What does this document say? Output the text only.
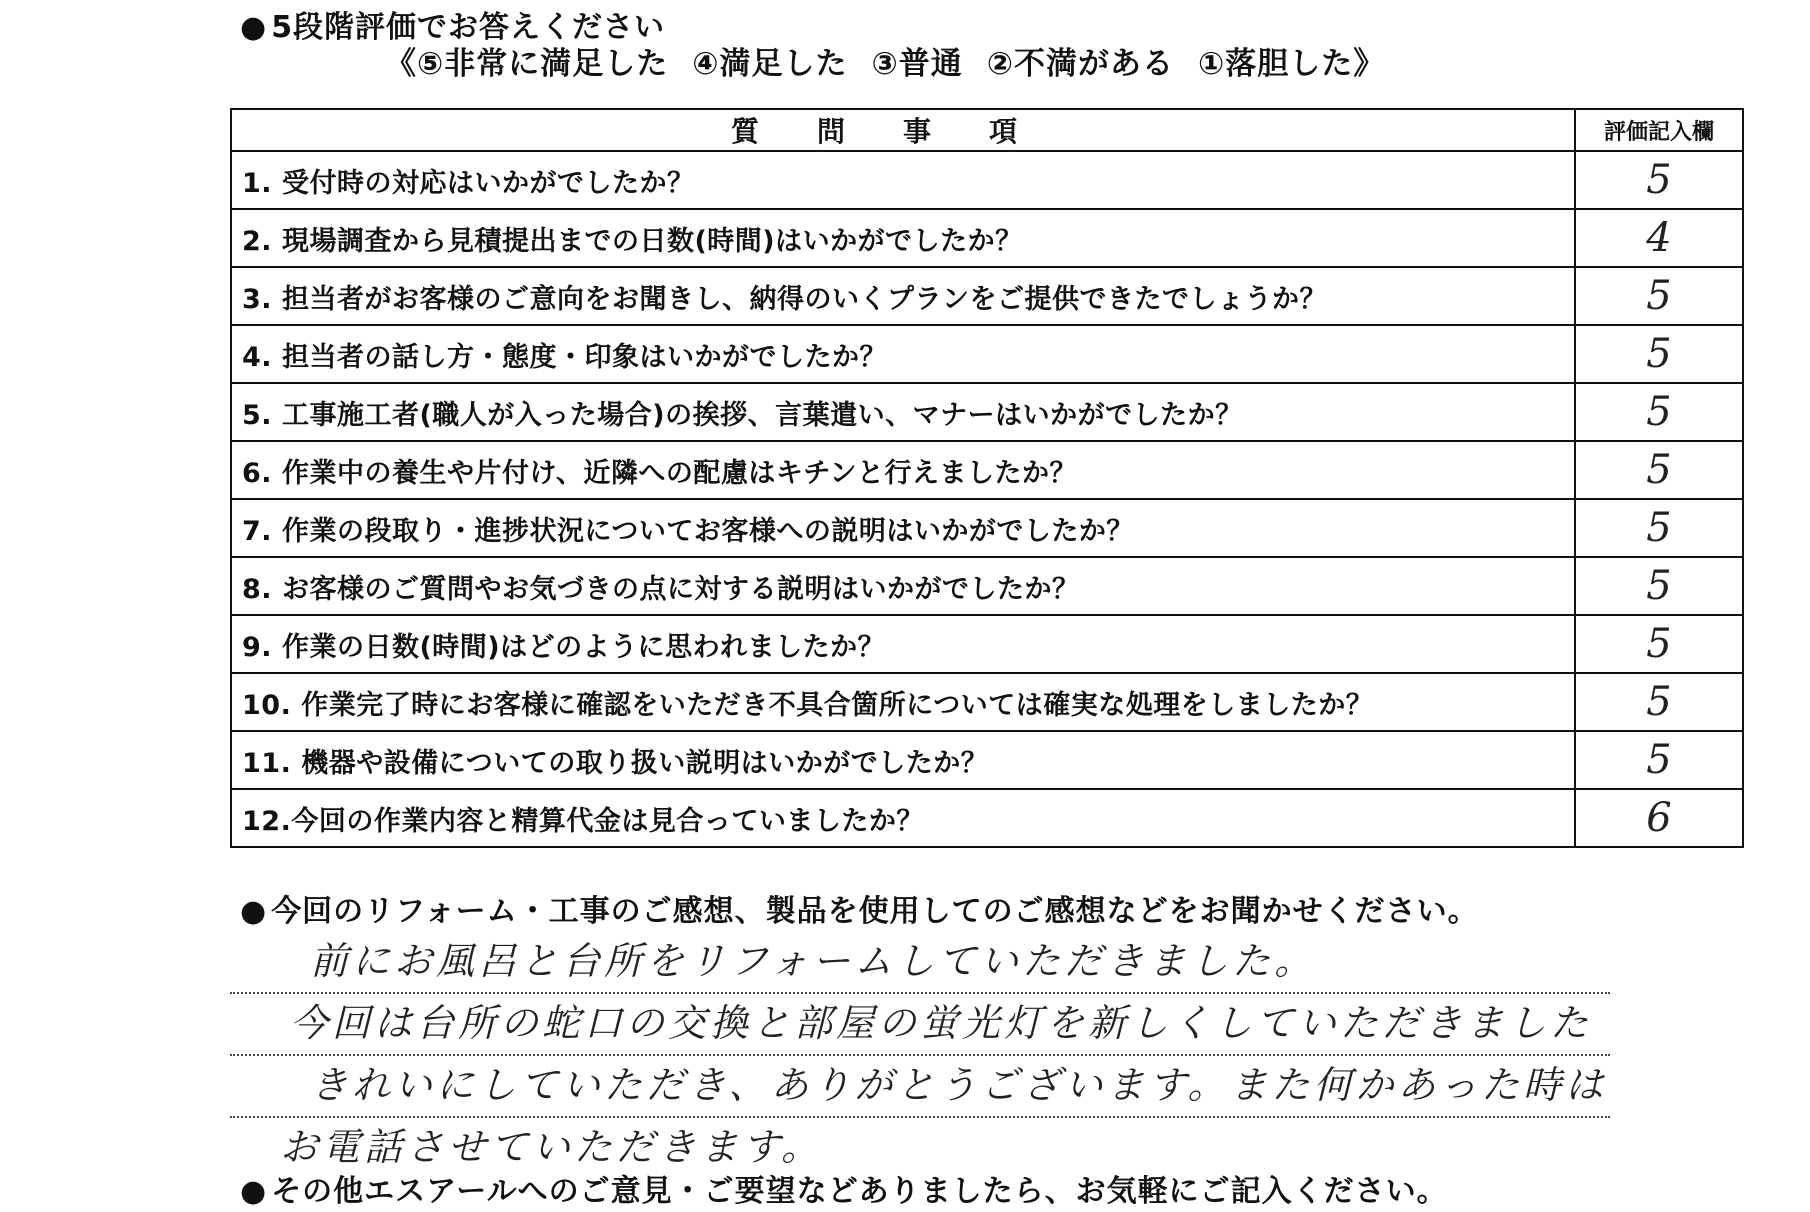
● 5段階評価でお答えください
《⑤非常に満足した ④満足した ③普通 ②不満がある ①落胆した》
質問事項	評価記入欄
1. 受付時の対応はいかがでしたか？	5
2. 現場調査から見積提出までの日数(時間)はいかがでしたか？	4
3. 担当者がお客様のご意向をお聞きし、納得のいくプランをご提供できたでしょうか？	5
4. 担当者の話し方・態度・印象はいかがでしたか？	5
5. 工事施工者(職人が入った場合)の挨拶、言葉遣い、マナーはいかがでしたか？	5
6. 作業中の養生や片付け、近隣への配慮はキチンと行えましたか？	5
7. 作業の段取り・進捗状況についてお客様への説明はいかがでしたか？	5
8. お客様のご質問やお気づきの点に対する説明はいかがでしたか？	5
9. 作業の日数(時間)はどのように思われましたか？	5
10. 作業完了時にお客様に確認をいただき不具合箇所については確実な処理をしましたか？	5
11. 機器や設備についての取り扱い説明はいかがでしたか？	5
12.今回の作業内容と精算代金は見合っていましたか？	6
● 今回のリフォーム・工事のご感想、製品を使用してのご感想などをお聞かせください。
前にお風呂と台所をリフォームしていただきました。
今回は台所の蛇口の交換と部屋の蛍光灯を新しくしていただきました
きれいにしていただき、ありがとうございます。また何かあった時は
お電話させていただきます。
● その他エスアールへのご意見・ご要望などありましたら、お気軽にご記入ください。
